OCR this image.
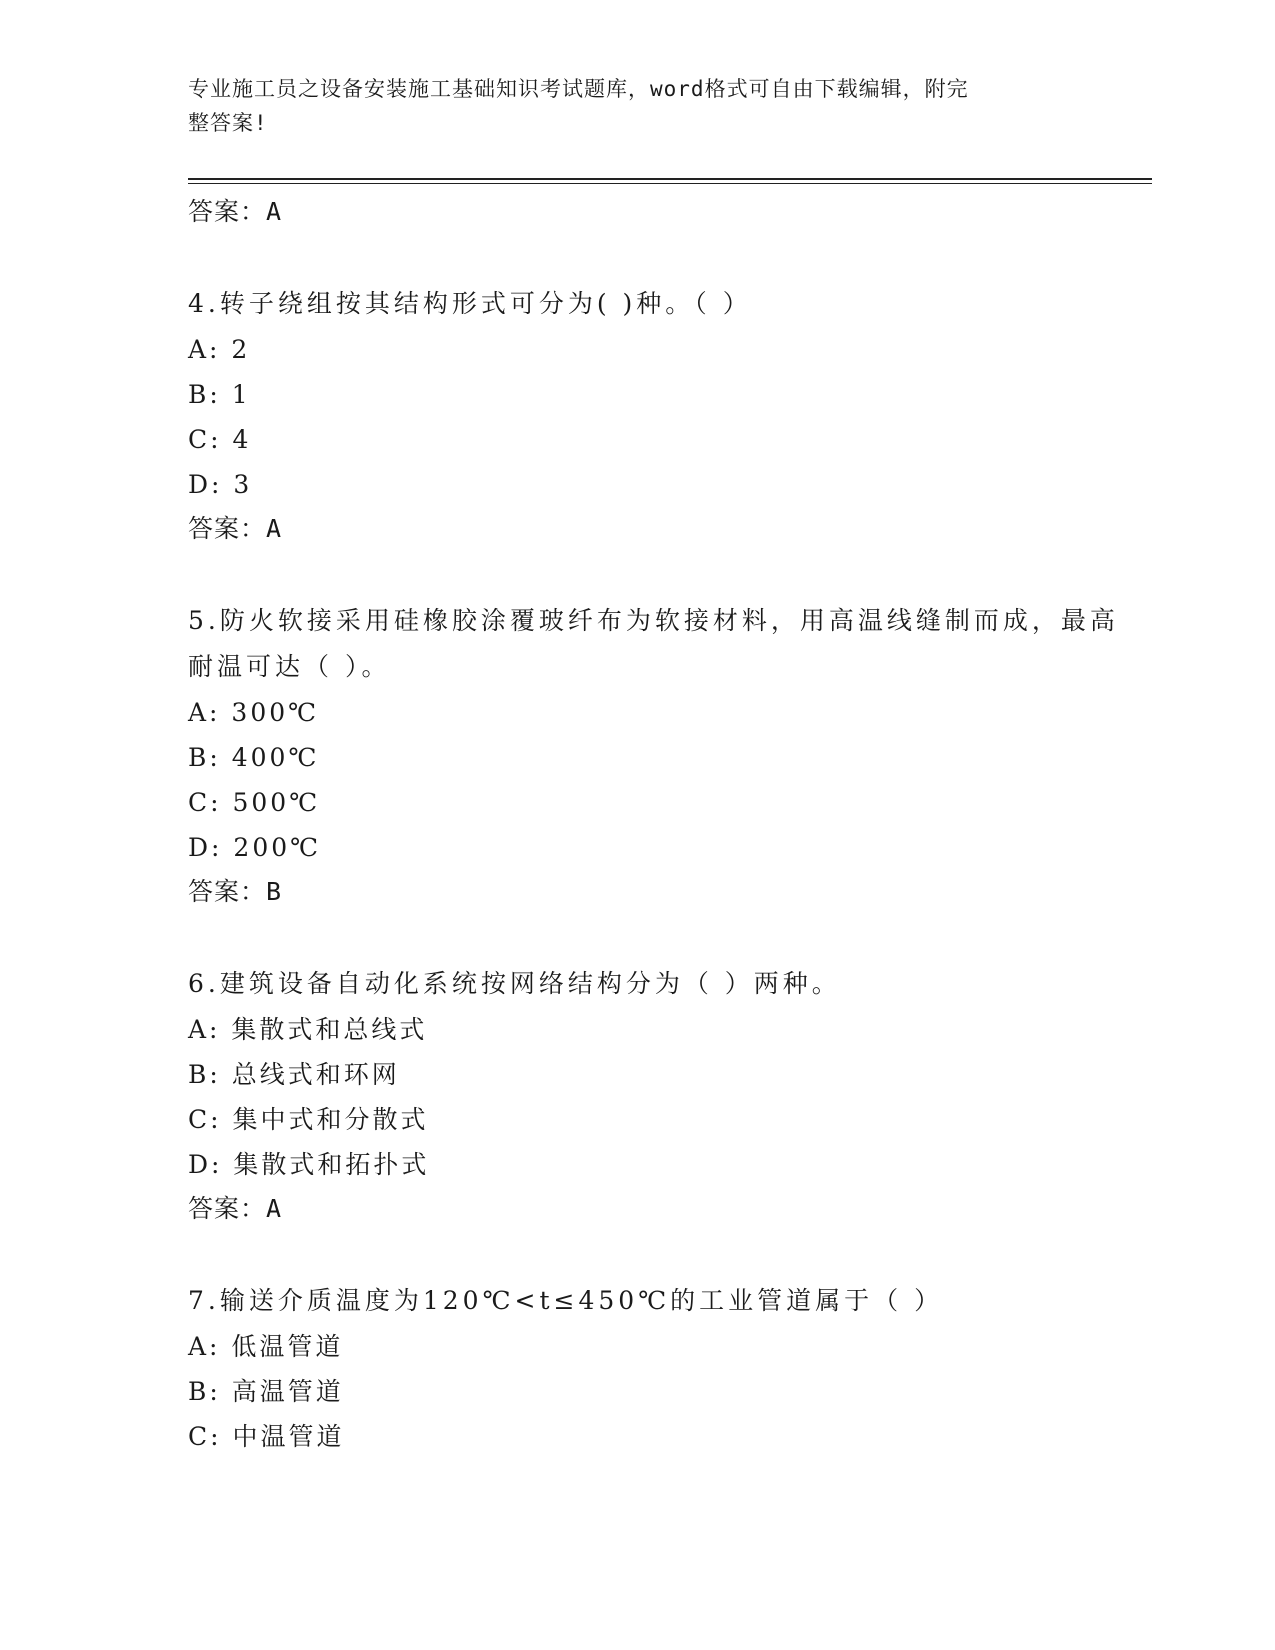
专业施工员之设备安装施工基础知识考试题库，word格式可自由下载编辑，附完
整答案!
答案：A
4.转子绕组按其结构形式可分为( )种。（ ）
A: 2
B: 1
C: 4
D: 3
答案：A
5.防火软接采用硅橡胶涂覆玻纤布为软接材料，用高温线缝制而成，最高耐温可达（ ）。
A: 300℃
B: 400℃
C: 500℃
D: 200℃
答案：B
6.建筑设备自动化系统按网络结构分为（ ）两种。
A: 集散式和总线式
B: 总线式和环网
C: 集中式和分散式
D: 集散式和拓扑式
答案：A
7.输送介质温度为120℃<t≤450℃的工业管道属于（ ）
A: 低温管道
B: 高温管道
C: 中温管道
